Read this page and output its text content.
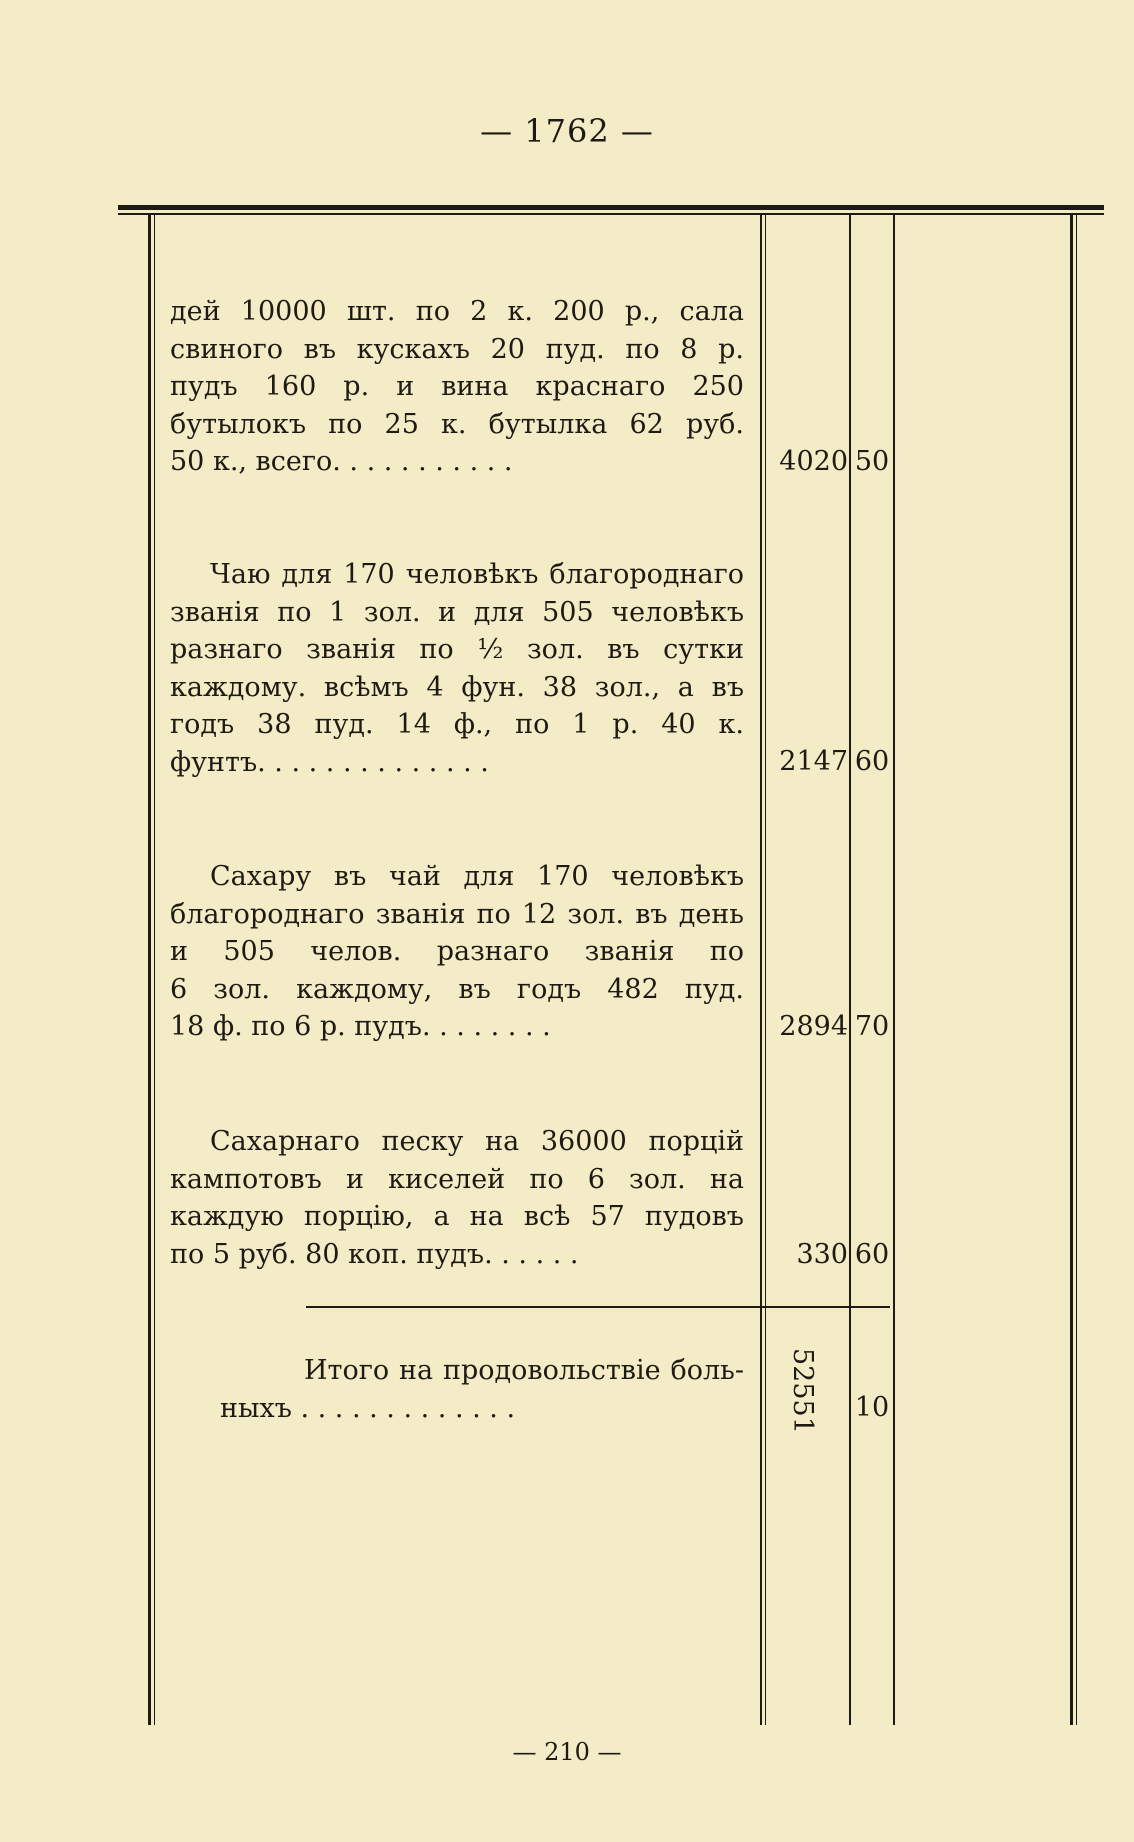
— 1762 —
дей 10000 шт. по 2 к. 200 р., сала
свиного въ кускахъ 20 пуд. по 8 р.
пудъ 160 р. и вина краснаго 250
бутылокъ по 25 к. бутылка 62 руб.
50 к., всего. . . . . . . . . . .	4020 50
Чаю для 170 человѣкъ благороднаго
званія по 1 зол. и для 505 человѣкъ
разнаго званія по ½ зол. въ сутки
каждому. всѣмъ 4 фун. 38 зол., а въ
годъ 38 пуд. 14 ф., по 1 р. 40 к.
фунтъ. . . . . . . . . . . . . .	2147 60
Сахару въ чай для 170 человѣкъ
благороднаго званія по 12 зол. въ день
и 505 челов. разнаго званія по
6 зол. каждому, въ годъ 482 пуд.
18 ф. по 6 р. пудъ. . . . . . . .	2894 70
Сахарнаго песку на 36000 порцій
кампотовъ и киселей по 6 зол. на
каждую порцію, а на всѣ 57 пудовъ
по 5 руб. 80 коп. пудъ. . . . . .	330 60
Итого на продовольствіе боль-
ныхъ . . . . . . . . . . . . .	52551 10
— 210 —
